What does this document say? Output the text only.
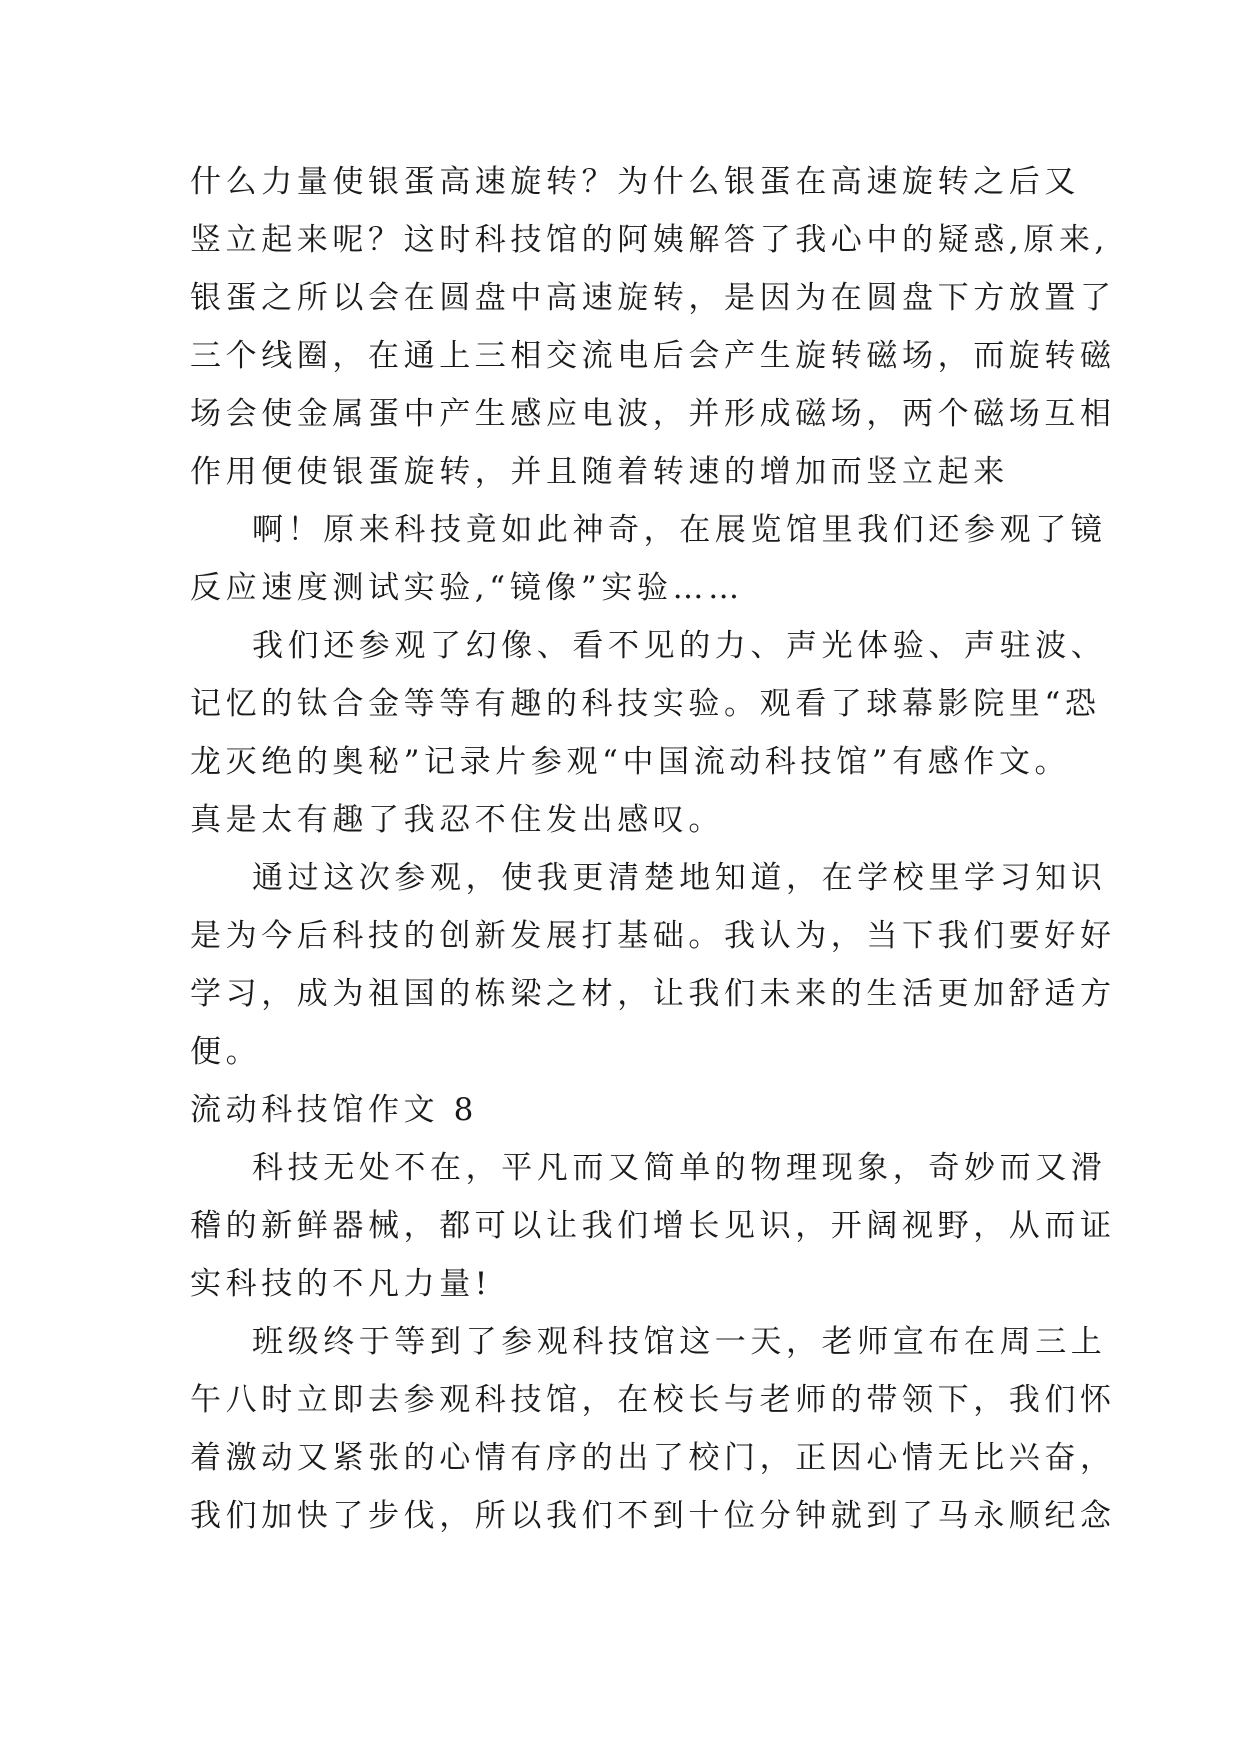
什么力量使银蛋高速旋转？为什么银蛋在高速旋转之后又
竖立起来呢？这时科技馆的阿姨解答了我心中的疑惑,原来,
银蛋之所以会在圆盘中高速旋转，是因为在圆盘下方放置了
三个线圈，在通上三相交流电后会产生旋转磁场，而旋转磁
场会使金属蛋中产生感应电波，并形成磁场，两个磁场互相
作用便使银蛋旋转，并且随着转速的增加而竖立起来
啊！原来科技竟如此神奇，在展览馆里我们还参观了镜
反应速度测试实验,“镜像”实验……
我们还参观了幻像、看不见的力、声光体验、声驻波、
记忆的钛合金等等有趣的科技实验。观看了球幕影院里“恐
龙灭绝的奥秘”记录片参观“中国流动科技馆”有感作文。
真是太有趣了我忍不住发出感叹。
通过这次参观，使我更清楚地知道，在学校里学习知识
是为今后科技的创新发展打基础。我认为，当下我们要好好
学习，成为祖国的栋梁之材，让我们未来的生活更加舒适方
便。
流动科技馆作文 8
科技无处不在，平凡而又简单的物理现象，奇妙而又滑
稽的新鲜器械，都可以让我们增长见识，开阔视野，从而证
实科技的不凡力量!
班级终于等到了参观科技馆这一天，老师宣布在周三上
午八时立即去参观科技馆，在校长与老师的带领下，我们怀
着激动又紧张的心情有序的出了校门，正因心情无比兴奋，
我们加快了步伐，所以我们不到十位分钟就到了马永顺纪念
